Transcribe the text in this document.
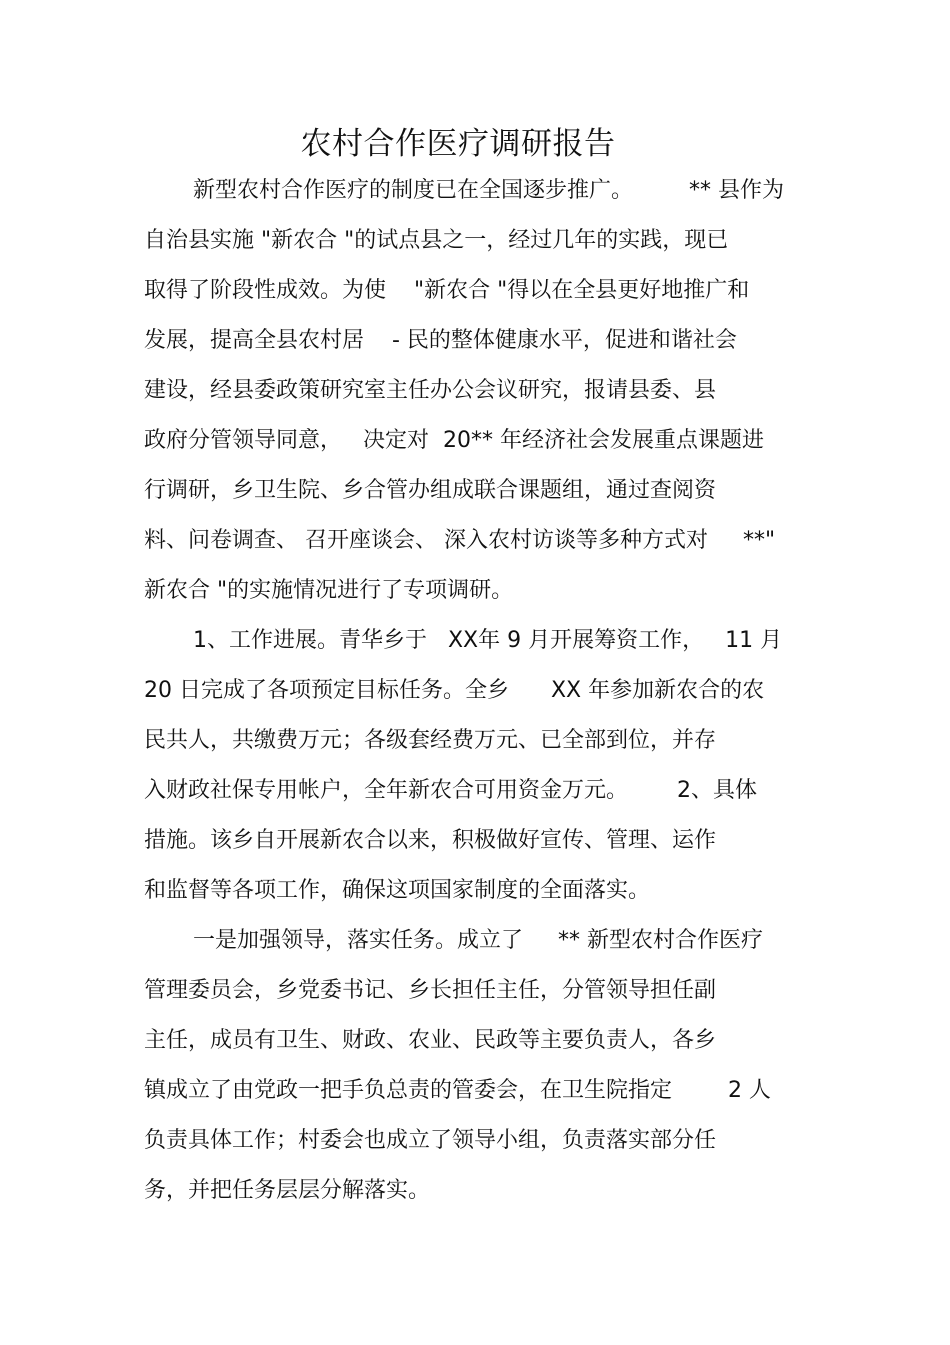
农村合作医疗调研报告

新型农村合作医疗的制度已在全国逐步推广。        ** 县作为

自治县实施 "新农合 "的试点县之一，经过几年的实践，现已

取得了阶段性成效。为使    "新农合 "得以在全县更好地推广和

发展，提高全县农村居    - 民的整体健康水平，促进和谐社会

建设，经县委政策研究室主任办公会议研究，报请县委、县

政府分管领导同意，   决定对  20** 年经济社会发展重点课题进

行调研，乡卫生院、乡合管办组成联合课题组，通过查阅资

料、问卷调查、 召开座谈会、 深入农村访谈等多种方式对     **"

新农合 "的实施情况进行了专项调研。

1、工作进展。青华乡于   XX年 9 月开展筹资工作，   11 月

20 日完成了各项预定目标任务。全乡      XX 年参加新农合的农

民共人，共缴费万元；各级套经费万元、已全部到位，并存

入财政社保专用帐户，全年新农合可用资金万元。       2、具体

措施。该乡自开展新农合以来，积极做好宣传、管理、运作

和监督等各项工作，确保这项国家制度的全面落实。

一是加强领导，落实任务。成立了     ** 新型农村合作医疗

管理委员会，乡党委书记、乡长担任主任，分管领导担任副

主任，成员有卫生、财政、农业、民政等主要负责人，各乡

镇成立了由党政一把手负总责的管委会，在卫生院指定        2 人

负责具体工作；村委会也成立了领导小组，负责落实部分任

务，并把任务层层分解落实。
